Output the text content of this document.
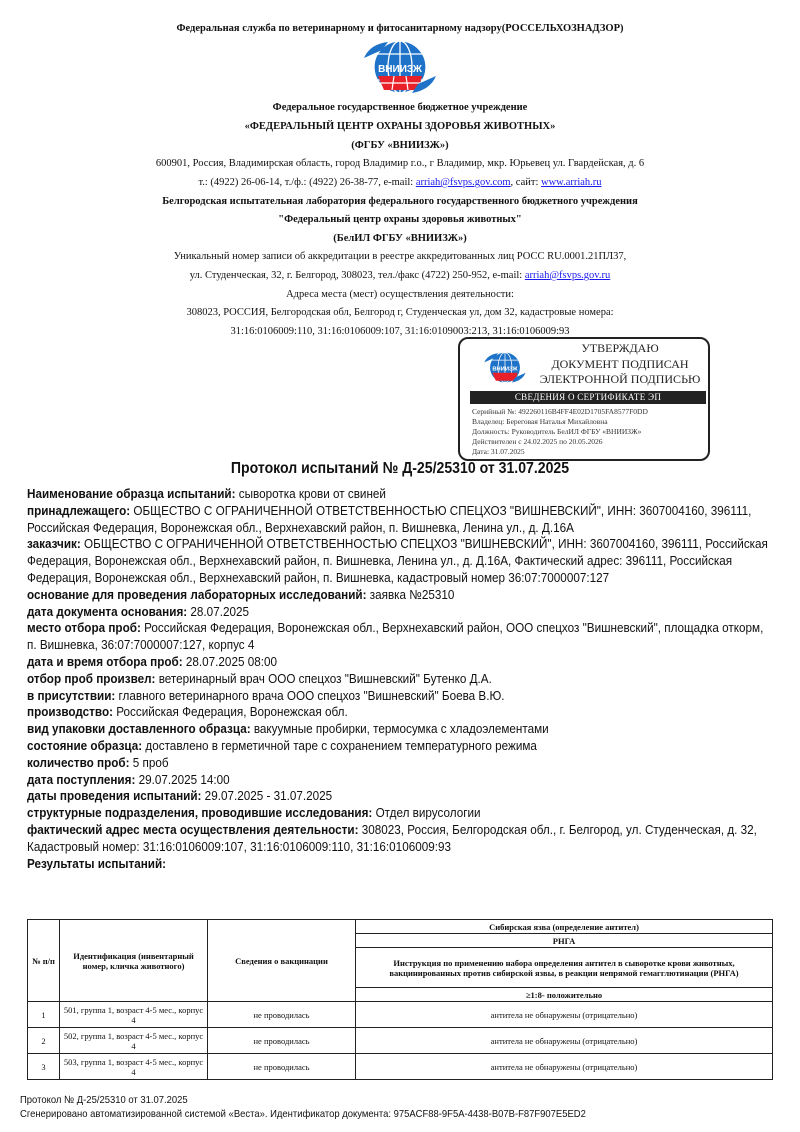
Федеральная служба по ветеринарному и фитосанитарному надзору(РОССЕЛЬХОЗНАДЗОР)
ВНИИЗЖ
Федеральное государственное бюджетное учреждение
«ФЕДЕРАЛЬНЫЙ ЦЕНТР ОХРАНЫ ЗДОРОВЬЯ ЖИВОТНЫХ»
(ФГБУ «ВНИИЗЖ»)
600901, Россия, Владимирская область, город Владимир г.о., г Владимир, мкр. Юрьевец ул. Гвардейская, д. 6
т.: (4922) 26-06-14, т./ф.: (4922) 26-38-77, e-mail: arriah@fsvps.gov.com, сайт: www.arriah.ru
Белгородская испытательная лаборатория федерального государственного бюджетного учреждения
"Федеральный центр охраны здоровья животных"
(БелИЛ ФГБУ «ВНИИЗЖ»)
Уникальный номер записи об аккредитации в реестре аккредитованных лиц РОСС RU.0001.21ПЛ37,
ул. Студенческая, 32, г. Белгород, 308023, тел./факс (4722) 250-952, e-mail: arriah@fsvps.gov.ru
Адреса места (мест) осуществления деятельности:
308023, РОССИЯ, Белгородская обл, Белгород г, Студенческая ул, дом 32, кадастровые номера:
31:16:0106009:110, 31:16:0106009:107, 31:16:0109003:213, 31:16:0106009:93
ВНИИЗЖ
УТВЕРЖДАЮ
ДОКУМЕНТ ПОДПИСАН
ЭЛЕКТРОННОЙ ПОДПИСЬЮ
СВЕДЕНИЯ О СЕРТИФИКАТЕ ЭП
Серийный №: 492260116B4FF4E02D1705FA8577F0DD
Владелец: Береговая Наталья Михайловна
Должность: Руководитель БелИЛ ФГБУ «ВНИИЗЖ»
Действителен с 24.02.2025 по 20.05.2026
Дата: 31.07.2025
Протокол испытаний № Д-25/25310 от 31.07.2025

Наименование образца испытаний: сыворотка крови от свиней

принадлежащего: ОБЩЕСТВО С ОГРАНИЧЕННОЙ ОТВЕТСТВЕННОСТЬЮ СПЕЦХОЗ "ВИШНЕВСКИЙ", ИНН: 3607004160, 396111, Российская Федерация, Воронежская обл., Верхнехавский район, п. Вишневка, Ленина ул., д. Д.16А

заказчик: ОБЩЕСТВО С ОГРАНИЧЕННОЙ ОТВЕТСТВЕННОСТЬЮ СПЕЦХОЗ "ВИШНЕВСКИЙ", ИНН: 3607004160, 396111, Российская Федерация, Воронежская обл., Верхнехавский район, п. Вишневка, Ленина ул., д. Д.16А, Фактический адрес: 396111, Российская Федерация, Воронежская обл., Верхнехавский район, п. Вишневка, кадастровый номер 36:07:7000007:127

основание для проведения лабораторных исследований: заявка №25310

дата документа основания: 28.07.2025

место отбора проб: Российская Федерация, Воронежская обл., Верхнехавский район, ООО спецхоз "Вишневский", площадка откорм, п. Вишневка, 36:07:7000007:127, корпус 4

дата и время отбора проб: 28.07.2025 08:00

отбор проб произвел: ветеринарный врач ООО спецхоз "Вишневский" Бутенко Д.А.

в присутствии: главного ветеринарного врача ООО спецхоз "Вишневский" Боева В.Ю.

производство: Российская Федерация, Воронежская обл.

вид упаковки доставленного образца: вакуумные пробирки, термосумка с хладоэлементами

состояние образца: доставлено в герметичной таре с сохранением температурного режима

количество проб: 5 проб

дата поступления: 29.07.2025 14:00

даты проведения испытаний: 29.07.2025 - 31.07.2025

структурные подразделения, проводившие исследования: Отдел вирусологии

фактический адрес места осуществления деятельности: 308023, Россия, Белгородская обл., г. Белгород, ул. Студенческая, д. 32, Кадастровый номер: 31:16:0106009:107, 31:16:0106009:110, 31:16:0106009:93

Результаты испытаний:

№ п/п	Идентификация (инвентарный номер, кличка животного)	Сведения о вакцинации	Сибирская язва (определение антител)
			РНГА
			Инструкция по применению набора определения антител в сыворотке крови животных, вакцинированных против сибирской язвы, в реакции непрямой гемагглютинации (РНГА)
			≥1:8- положительно
1	501, группа 1, возраст 4-5 мес., корпус 4	не проводилась	антитела не обнаружены (отрицательно)
2	502, группа 1, возраст 4-5 мес., корпус 4	не проводилась	антитела не обнаружены (отрицательно)
3	503, группа 1, возраст 4-5 мес., корпус 4	не проводилась	антитела не обнаружены (отрицательно)
Протокол № Д-25/25310 от 31.07.2025
Сгенерировано автоматизированной системой «Веста». Идентификатор документа: 975ACF88-9F5A-4438-B07B-F87F907E5ED2
